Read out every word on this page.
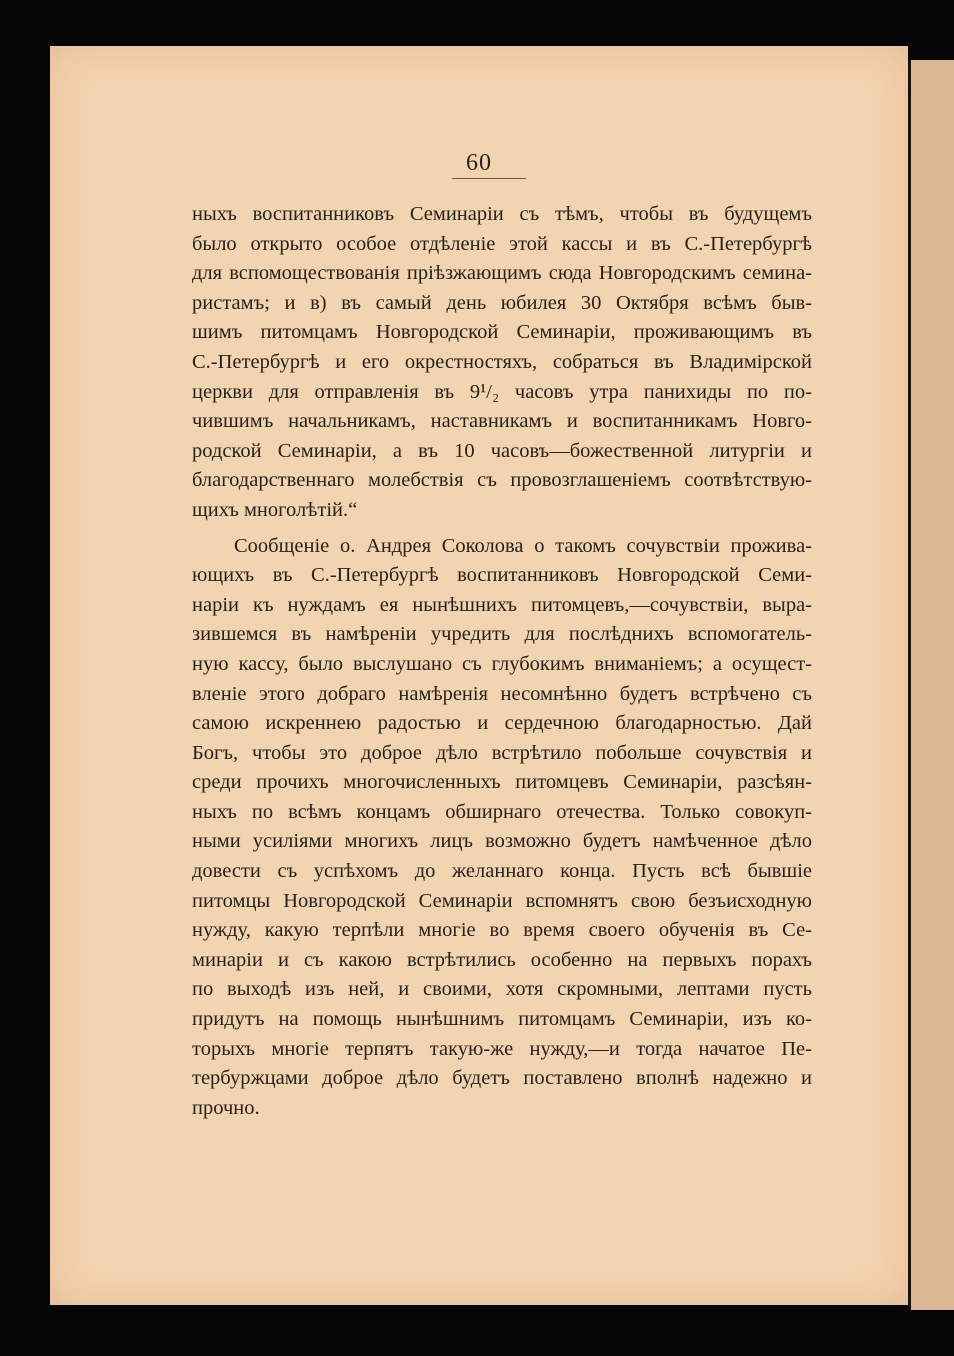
60
ныхъ воспитанниковъ Семинаріи съ тѣмъ, чтобы въ будущемъ
было открыто особое отдѣленіе этой кассы и въ С.-Петербургѣ
для вспомоществованія пріѣзжающимъ сюда Новгородскимъ семина-
ристамъ; и в) въ самый день юбилея 30 Октября всѣмъ быв-
шимъ питомцамъ Новгородской Семинаріи, проживающимъ въ
С.-Петербургѣ и его окрестностяхъ, собраться въ Владимірской
церкви для отправленія въ 9¹/₂ часовъ утра панихиды по по-
чившимъ начальникамъ, наставникамъ и воспитанникамъ Новго-
родской Семинаріи, а въ 10 часовъ—божественной литургіи и
благодарственнаго молебствія съ провозглашеніемъ соотвѣтствую-
щихъ многолѣтій.“
Сообщеніе о. Андрея Соколова о такомъ сочувствіи прожива-
ющихъ въ С.-Петербургѣ воспитанниковъ Новгородской Семи-
наріи къ нуждамъ ея нынѣшнихъ питомцевъ,—сочувствіи, выра-
зившемся въ намѣреніи учредить для послѣднихъ вспомогатель-
ную кассу, было выслушано съ глубокимъ вниманіемъ; а осущест-
вленіе этого добраго намѣренія несомнѣнно будетъ встрѣчено съ
самою искреннею радостью и сердечною благодарностью. Дай
Богъ, чтобы это доброе дѣло встрѣтило побольше сочувствія и
среди прочихъ многочисленныхъ питомцевъ Семинаріи, разсѣян-
ныхъ по всѣмъ концамъ обширнаго отечества. Только совокуп-
ными усиліями многихъ лицъ возможно будетъ намѣченное дѣло
довести съ успѣхомъ до желаннаго конца. Пусть всѣ бывшіе
питомцы Новгородской Семинаріи вспомнятъ свою безъисходную
нужду, какую терпѣли многіе во время своего обученія въ Се-
минаріи и съ какою встрѣтились особенно на первыхъ порахъ
по выходѣ изъ ней, и своими, хотя скромными, лептами пусть
придутъ на помощь нынѣшнимъ питомцамъ Семинаріи, изъ ко-
торыхъ многіе терпятъ такую-же нужду,—и тогда начатое Пе-
тербуржцами доброе дѣло будетъ поставлено вполнѣ надежно и
прочно.
